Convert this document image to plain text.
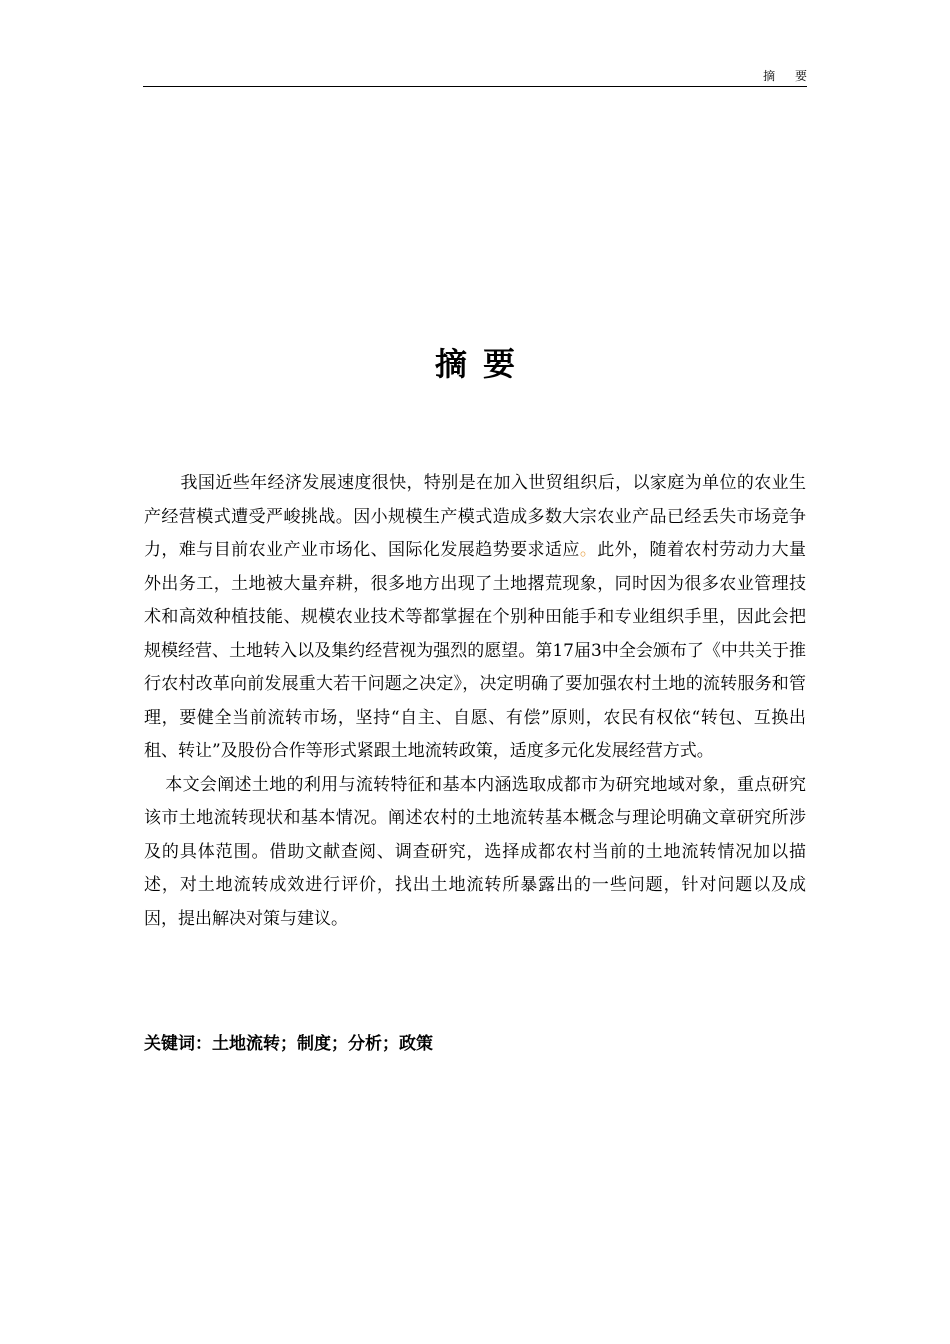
摘 要
摘要

我国近些年经济发展速度很快，特别是在加入世贸组织后，以家庭为单位的农业生产经营模式遭受严峻挑战。因小规模生产模式造成多数大宗农业产品已经丢失市场竞争力，难与目前农业产业市场化、国际化发展趋势要求适应。此外，随着农村劳动力大量外出务工，土地被大量弃耕，很多地方出现了土地撂荒现象，同时因为很多农业管理技术和高效种植技能、规模农业技术等都掌握在个别种田能手和专业组织手里，因此会把规模经营、土地转入以及集约经营视为强烈的愿望。第17届3中全会颁布了《中共关于推行农村改革向前发展重大若干问题之决定》，决定明确了要加强农村土地的流转服务和管理，要健全当前流转市场，坚持“自主、自愿、有偿”原则，农民有权依“转包、互换出租、转让”及股份合作等形式紧跟土地流转政策，适度多元化发展经营方式。

本文会阐述土地的利用与流转特征和基本内涵选取成都市为研究地域对象，重点研究该市土地流转现状和基本情况。阐述农村的土地流转基本概念与理论明确文章研究所涉及的具体范围。借助文献查阅、调查研究，选择成都农村当前的土地流转情况加以描述，对土地流转成效进行评价，找出土地流转所暴露出的一些问题，针对问题以及成因，提出解决对策与建议。

关键词：土地流转；制度；分析；政策
